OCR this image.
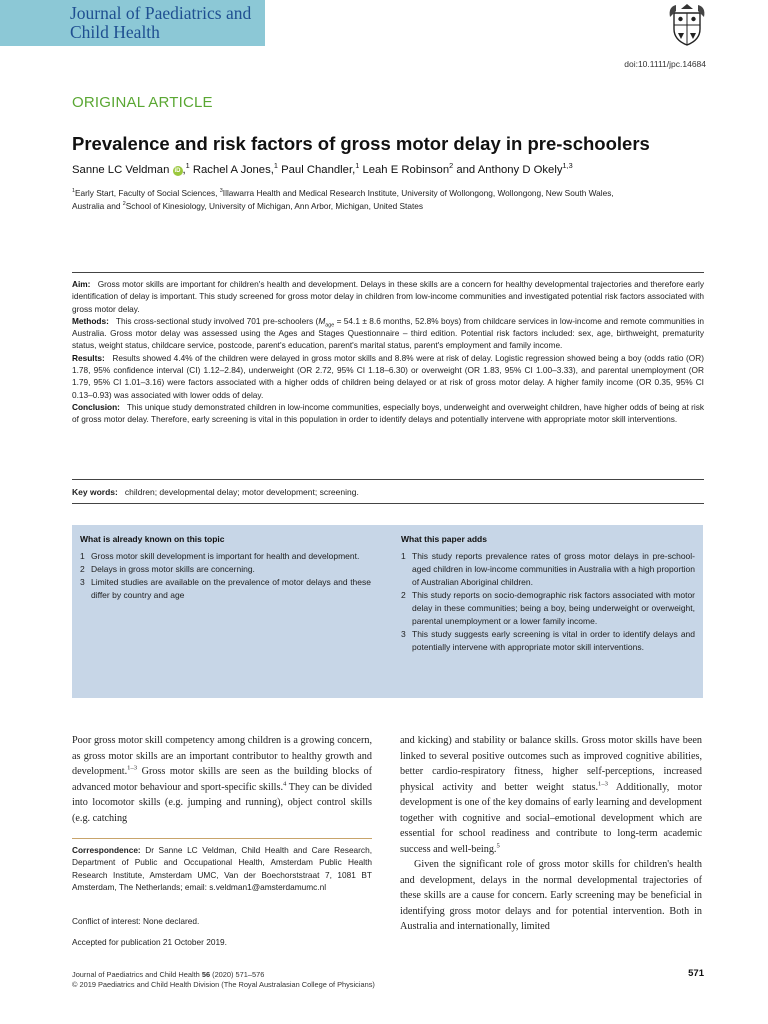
Journal of Paediatrics and
Child Health
doi:10.1111/jpc.14684
ORIGINAL ARTICLE
Prevalence and risk factors of gross motor delay in pre-schoolers
Sanne LC Veldman iD ,$^1$ Rachel A Jones,$^1$ Paul Chandler,$^1$ Leah E Robinson$^2$ and Anthony D Okely$^{1,3}$
$^1$Early Start, Faculty of Social Sciences, $^3$Illawarra Health and Medical Research Institute, University of Wollongong, Wollongong, New South Wales,
Australia and $^2$School of Kinesiology, University of Michigan, Ann Arbor, Michigan, United States

Aim: Gross motor skills are important for children's health and development. Delays in these skills are a concern for healthy developmental trajectories and therefore early identification of delay is important. This study screened for gross motor delay in children from low-income communities and investigated potential risk factors associated with gross motor delay.

Methods: This cross-sectional study involved 701 pre-schoolers ($M_{age} = 54.1 \pm 8.6$ months, 52.8% boys) from childcare services in low-income and remote communities in Australia. Gross motor delay was assessed using the Ages and Stages Questionnaire – third edition. Potential risk factors included: sex, age, birthweight, prematurity status, weight status, childcare service, postcode, parent's education, parent's marital status, parent's employment and family income.

Results: Results showed 4.4% of the children were delayed in gross motor skills and 8.8% were at risk of delay. Logistic regression showed being a boy (odds ratio (OR) 1.78, 95% confidence interval (CI) 1.12–2.84), underweight (OR 2.72, 95% CI 1.18–6.30) or overweight (OR 1.83, 95% CI 1.00–3.33), and parental unemployment (OR 1.79, 95% CI 1.01–3.16) were factors associated with a higher odds of children being delayed or at risk of gross motor delay. A higher family income (OR 0.35, 95% CI 0.13–0.93) was associated with lower odds of delay.

Conclusion: This unique study demonstrated children in low-income communities, especially boys, underweight and overweight children, have higher odds of being at risk of gross motor delay. Therefore, early screening is vital in this population in order to identify delays and potentially intervene with appropriate motor skill interventions.

Key words: children; developmental delay; motor development; screening.
What is already known on this topic
1 Gross motor skill development is important for health and development.
2 Delays in gross motor skills are concerning.
3 Limited studies are available on the prevalence of motor delays and these differ by country and age
What this paper adds
1 This study reports prevalence rates of gross motor delays in pre-school-aged children in low-income communities in Australia with a high proportion of Australian Aboriginal children.
2 This study reports on socio-demographic risk factors associated with motor delay in these communities; being a boy, being underweight or overweight, parental unemployment or a lower family income.
3 This study suggests early screening is vital in order to identify delays and potentially intervene with appropriate motor skill interventions.
Poor gross motor skill competency among children is a growing concern, as gross motor skills are an important contributor to healthy growth and development.$^{1-3}$ Gross motor skills are seen as the building blocks of advanced motor behaviour and sport-specific skills.$^4$ They can be divided into locomotor skills (e.g. jumping and running), object control skills (e.g. catching
Correspondence: Dr Sanne LC Veldman, Child Health and Care Research, Department of Public and Occupational Health, Amsterdam Public Health Research Institute, Amsterdam UMC, Van der Boechorststraat 7, 1081 BT Amsterdam, The Netherlands; email: s.veldman1@amsterdamumc.nl
Conflict of interest: None declared.
Accepted for publication 21 October 2019.

and kicking) and stability or balance skills. Gross motor skills have been linked to several positive outcomes such as improved cognitive abilities, better cardio-respiratory fitness, higher self-perceptions, increased physical activity and better weight status.$^{1-3}$ Additionally, motor development is one of the key domains of early learning and development together with cognitive and social–emotional development which are essential for school readiness and contribute to long-term academic success and well-being.$^5$

Given the significant role of gross motor skills for children's health and development, delays in the normal developmental trajectories of these skills are a cause for concern. Early screening may be beneficial in identifying gross motor delays and for potential intervention. Both in Australia and internationally, limited

Journal of Paediatrics and Child Health 56 (2020) 571–576
© 2019 Paediatrics and Child Health Division (The Royal Australasian College of Physicians)
571
